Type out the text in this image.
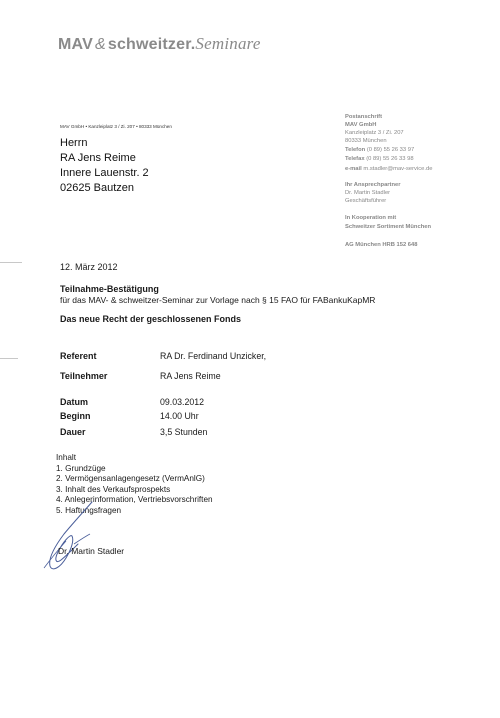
MAV & schweitzer.Seminare
MAV GmbH • Kanzleiplatz 3 / Zi. 207 • 80333 München
Herrn
RA Jens Reime
Innere Lauenstr. 2
02625 Bautzen
Postanschrift
MAV GmbH
Kanzleiplatz 3 / Zi. 207
80333 München
Telefon (0 89) 55 26 33 97
Telefax (0 89) 55 26 33 98
e-mail m.stadler@mav-service.de
Ihr Ansprechpartner
Dr. Martin Stadler
Geschäftsführer
In Kooperation mit
Schweitzer Sortiment München
AG München HRB 152 648
12. März 2012
Teilnahme-Bestätigung
für das MAV- & schweitzer-Seminar zur Vorlage nach § 15 FAO für FABankuKapMR
Das neue Recht der geschlossenen Fonds
Referent	RA Dr. Ferdinand Unzicker,
Teilnehmer	RA Jens Reime
Datum	09.03.2012
Beginn	14.00 Uhr
Dauer	3,5 Stunden
Inhalt
1. Grundzüge
2. Vermögensanlagengesetz (VermAnlG)
3. Inhalt des Verkaufsprospekts
4. Anlegerinformation, Vertriebsvorschriften
5. Haftungsfragen
Dr. Martin Stadler
